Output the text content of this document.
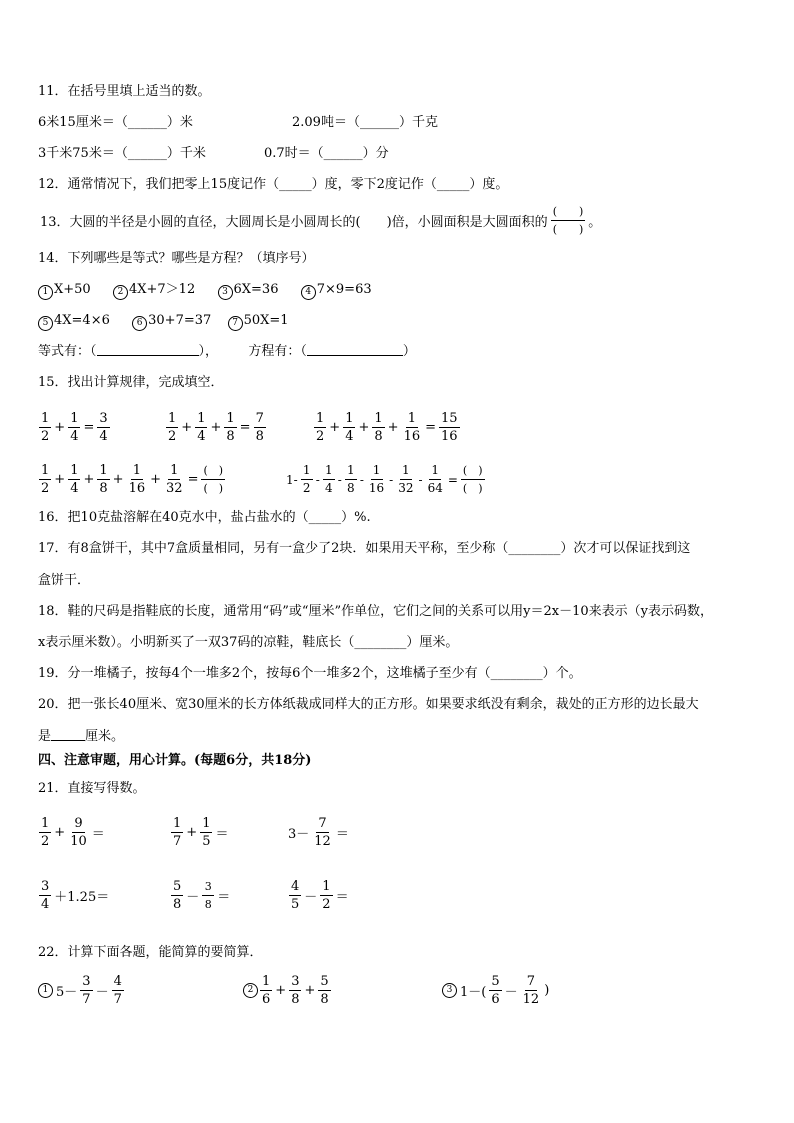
11．在括号里填上适当的数。
6米15厘米＝（______）米	2.09吨＝（______）千克
3千米75米＝（______）千米	0.7时＝（______）分
12．通常情况下，我们把零上15度记作（_____）度，零下2度记作（_____）度。
13．大圆的半径是小圆的直径，大圆周长是小圆周长的(　　)倍，小圆面积是大圆面积的 $\frac{( )}{( )}$ 。
14．下列哪些是等式？哪些是方程？（填序号）
1 X+50	2 4X+7＞12	3 6X=36	4 7×9=63
5 4X=4×6	6 30+7=37 7 50X=1
等式有：（	）， 方程有：（	）
15．找出计算规律，完成填空．
$\frac{1}{2} + \frac{1}{4} = \frac{3}{4}$	$\frac{1}{2} + \frac{1}{4} + \frac{1}{8} = \frac{7}{8}$	$\frac{1}{2} + \frac{1}{4} + \frac{1}{8} + \frac{1}{16} = \frac{15}{16}$
$\frac{1}{2} + \frac{1}{4} + \frac{1}{8} + \frac{1}{16} + \frac{1}{32} = \frac{( )}{( )}$	$1- \frac{1}{2} - \frac{1}{4} - \frac{1}{8} - \frac{1}{16} - \frac{1}{32} - \frac{1}{64} = \frac{( )}{( )}$
16．把10克盐溶解在40克水中，盐占盐水的（_____）%.
17．有8盒饼干，其中7盒质量相同，另有一盒少了2块．如果用天平称，至少称（________）次才可以保证找到这
盒饼干．
18．鞋的尺码是指鞋底的长度，通常用“码”或“厘米”作单位，它们之间的关系可以用y＝2x－10来表示（y表示码数，
x表示厘米数）。小明新买了一双37码的凉鞋，鞋底长（________）厘米。
19．分一堆橘子，按每4个一堆多2个，按每6个一堆多2个，这堆橘子至少有（________）个。
20．把一张长40厘米、宽30厘米的长方体纸裁成同样大的正方形。如果要求纸没有剩余，裁处的正方形的边长最大
是	厘米。
四、注意审题，用心计算。(每题6分，共18分)
21．直接写得数。
$\frac{1}{2} + \frac{9}{10}$ ＝	$\frac{1}{7} + \frac{1}{5}$ ＝	$3- \frac{7}{12}$ ＝
$\frac{3}{4} +1.25=$	$\frac{5}{8} - \frac{3}{8}$ ＝	$\frac{4}{5} - \frac{1}{2}$ ＝
22．计算下面各题，能简算的要简算．
1 $5- \frac{3}{7} - \frac{4}{7}$	$2 \frac{1}{6} + \frac{3}{8} + \frac{5}{8}$	3 $1-( \frac{5}{6} - \frac{7}{12}$ )
